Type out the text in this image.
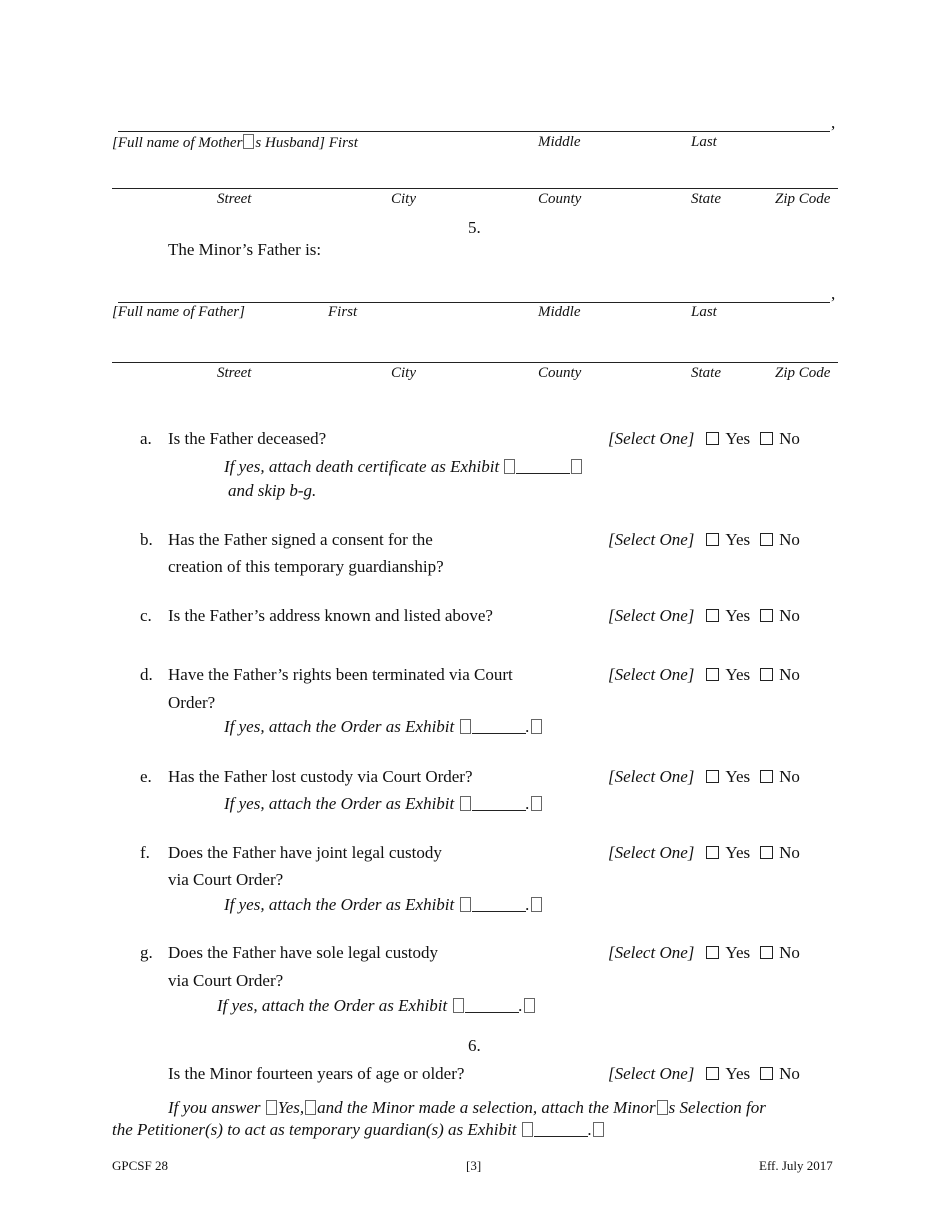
,
[Full name of Mother s Husband] First	Middle	Last
Street	City	County	State	Zip Code
5.
The Minor’s Father is:
,
[Full name of Father]	First	Middle	Last
Street	City	County	State	Zip Code
a. Is the Father deceased?	[Select One] Yes No
If yes, attach death certificate as Exhibit
and skip b-g.
b. Has the Father signed a consent for the
creation of this temporary guardianship?
[Select One] Yes No
c. Is the Father’s address known and listed above?	[Select One] Yes No
d. Have the Father’s rights been terminated via Court
Order?
[Select One] Yes No
If yes, attach the Order as Exhibit	.
e. Has the Father lost custody via Court Order?	[Select One] Yes No
If yes, attach the Order as Exhibit	.
f. Does the Father have joint legal custody
via Court Order?
[Select One] Yes No
If yes, attach the Order as Exhibit	.
g. Does the Father have sole legal custody
via Court Order?
[Select One] Yes No
If yes, attach the Order as Exhibit	.
6.
Is the Minor fourteen years of age or older?	[Select One] Yes No
If you answer Yes, and the Minor made a selection, attach the Minor s Selection for
the Petitioner(s) to act as temporary guardian(s) as Exhibit	.
GPCSF 28	[3]	Eff. July 2017
